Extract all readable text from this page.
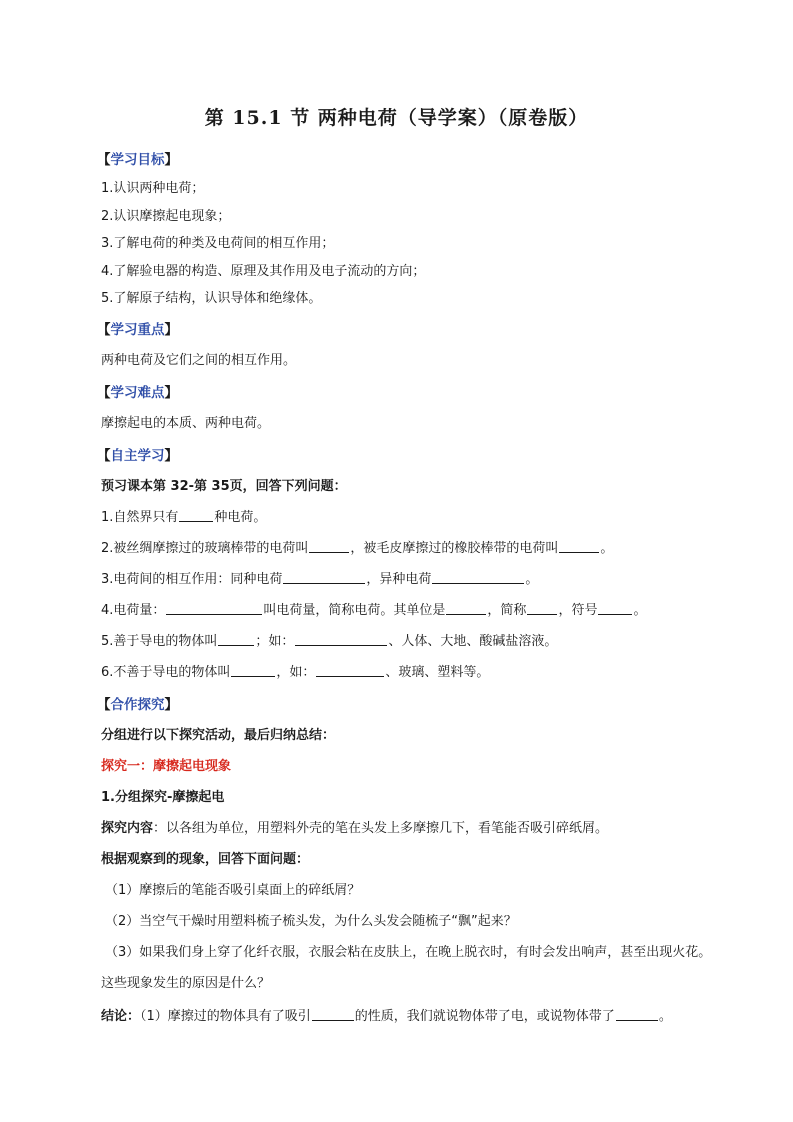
第 15.1 节 两种电荷（导学案）（原卷版）
【学习目标】
1.认识两种电荷；
2.认识摩擦起电现象；
3.了解电荷的种类及电荷间的相互作用；
4.了解验电器的构造、原理及其作用及电子流动的方向；
5.了解原子结构，认识导体和绝缘体。
【学习重点】
两种电荷及它们之间的相互作用。
【学习难点】
摩擦起电的本质、两种电荷。
【自主学习】
预习课本第 32-第 35页，回答下列问题：
1.自然界只有	种电荷。
2.被丝绸摩擦过的玻璃棒带的电荷叫	，被毛皮摩擦过的橡胶棒带的电荷叫	。
3.电荷间的相互作用：同种电荷	，异种电荷	。
4.电荷量：	叫电荷量，简称电荷。其单位是	，简称 ，符号	。
5.善于导电的物体叫	；如：	、人体、大地、酸碱盐溶液。
6.不善于导电的物体叫	，如：	、玻璃、塑料等。
【合作探究】
分组进行以下探究活动，最后归纳总结：
探究一：摩擦起电现象
1.分组探究-摩擦起电
探究内容：以各组为单位，用塑料外壳的笔在头发上多摩擦几下，看笔能否吸引碎纸屑。
根据观察到的现象，回答下面问题：
（1）摩擦后的笔能否吸引桌面上的碎纸屑？
（2）当空气干燥时用塑料梳子梳头发，为什么头发会随梳子“飘”起来？
（3）如果我们身上穿了化纤衣服，衣服会粘在皮肤上，在晚上脱衣时，有时会发出响声，甚至出现火花。这些现象发生的原因是什么？
结论：（1）摩擦过的物体具有了吸引	的性质，我们就说物体带了电，或说物体带了	。
